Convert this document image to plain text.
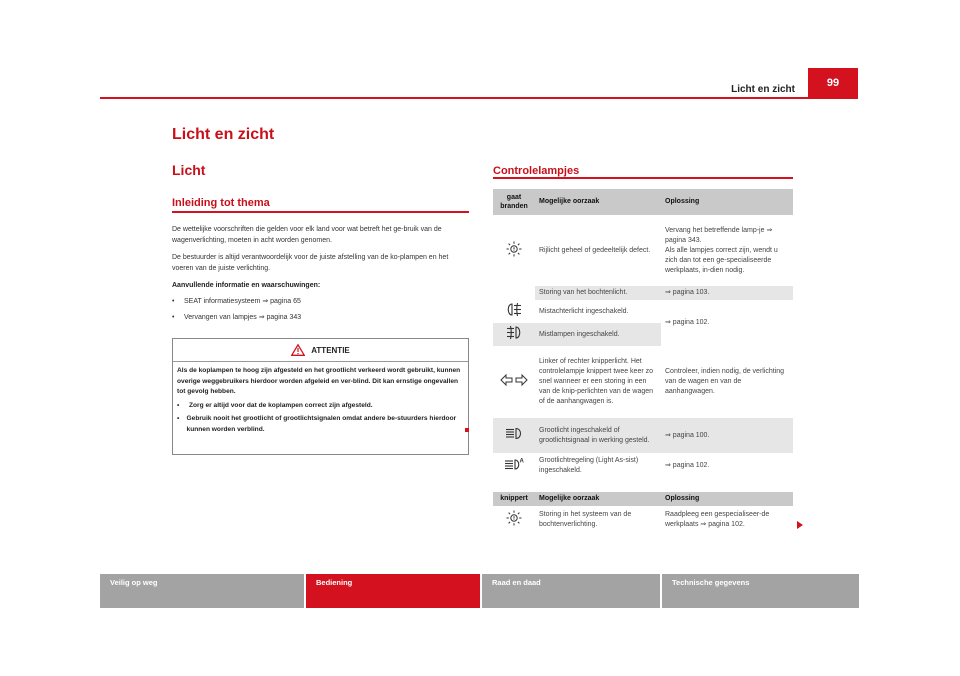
Licht en zicht
99
Licht en zicht
Licht
Inleiding tot thema

De wettelijke voorschriften die gelden voor elk land voor wat betreft het ge-bruik van de wagenverlichting, moeten in acht worden genomen.

De bestuurder is altijd verantwoordelijk voor de juiste afstelling van de ko-plampen en het voeren van de juiste verlichting.

Aanvullende informatie en waarschuwingen:

•	SEAT informatiesysteem ⇒ pagina 65
•	Vervangen van lampjes ⇒ pagina 343
ATTENTIE

Als de koplampen te hoog zijn afgesteld en het grootlicht verkeerd wordt gebruikt, kunnen overige weggebruikers hierdoor worden afgeleid en ver-blind. Dit kan ernstige ongevallen tot gevolg hebben.

•	Zorg er altijd voor dat de koplampen correct zijn afgesteld.
•	Gebruik nooit het grootlicht of grootlichtsignalen omdat andere be-stuurders hierdoor kunnen worden verblind.
Controlelampjes
gaat branden	Mogelijke oorzaak	Oplossing
	Rijlicht geheel of gedeeltelijk defect.	Vervang het betreffende lamp-je ⇒ pagina 343.
Als alle lampjes correct zijn, wendt u zich dan tot een ge-specialiseerde werkplaats, in-dien nodig.
	Storing van het bochtenlicht.	⇒ pagina 103.
	Mistachterlicht ingeschakeld.	⇒ pagina 102.
	Mistlampen ingeschakeld.	
	Linker of rechter knipperlicht. Het controlelampje knippert twee keer zo snel wanneer er een storing in een van de knip-perlichten van de wagen of de aanhangwagen is.	Controleer, indien nodig, de verlichting van de wagen en van de aanhangwagen.
	Grootlicht ingeschakeld of grootlichtsignaal in werking gesteld.	⇒ pagina 100.

A	Grootlichtregeling (Light As-sist) ingeschakeld.	⇒ pagina 102.
knippert	Mogelijke oorzaak	Oplossing
	Storing in het systeem van de bochtenverlichting.	Raadpleeg een gespecialiseer-de werkplaats ⇒ pagina 102.
Veilig op weg	Bediening	Raad en daad	Technische gegevens
